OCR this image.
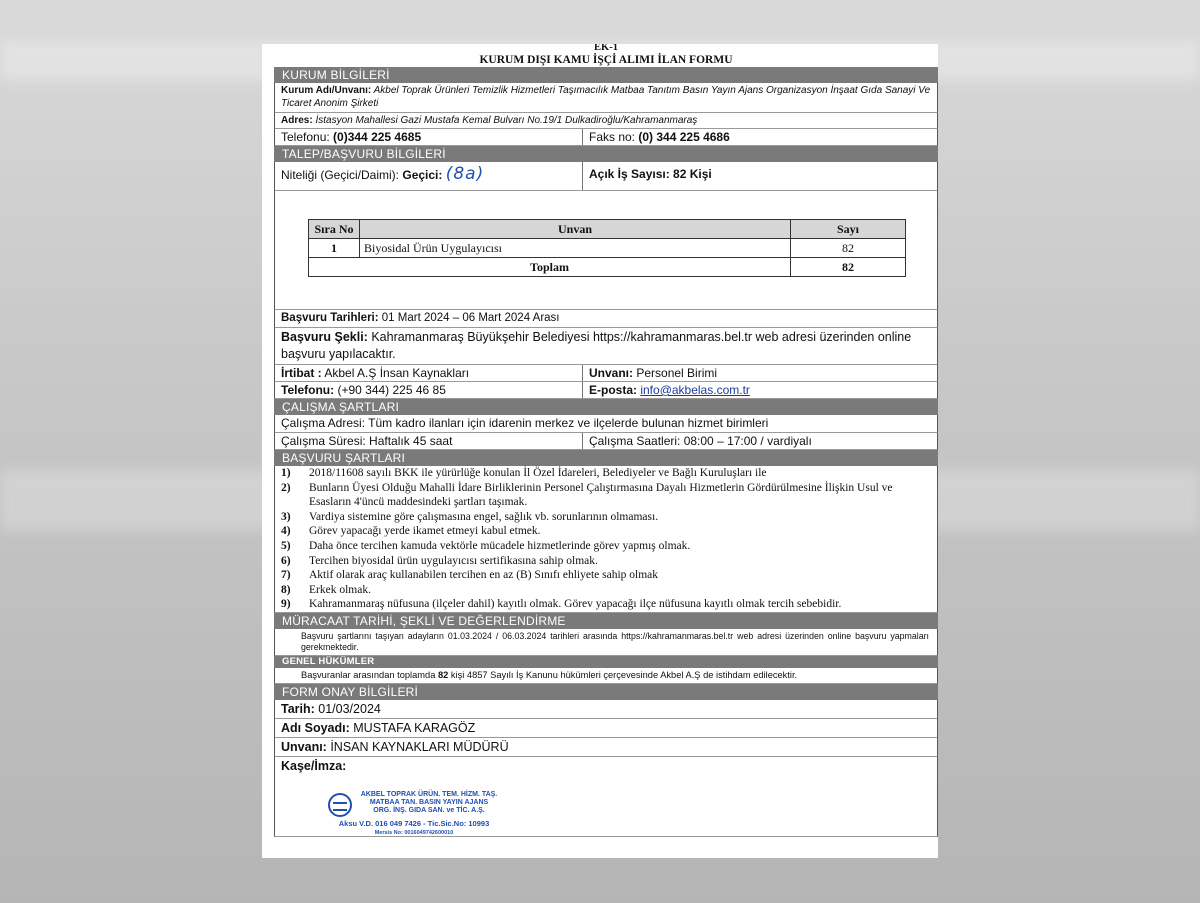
EK-1
KURUM DIŞI KAMU İŞÇİ ALIMI İLAN FORMU
KURUM BİLGİLERİ
Kurum Adı/Unvanı: Akbel Toprak Ürünleri Temizlik Hizmetleri Taşımacılık Matbaa Tanıtım Basın Yayın Ajans Organizasyon İnşaat Gıda Sanayi Ve Ticaret Anonim Şirketi
Adres: İstasyon Mahallesi Gazi Mustafa Kemal Bulvarı No.19/1 Dulkadiroğlu/Kahramanmaraş
Telefonu: (0)344 225 4685	Faks no: (0) 344 225 4686
TALEP/BAŞVURU BİLGİLERİ
Niteliği (Geçici/Daimi): Geçici: (8a)	Açık İş Sayısı: 82 Kişi
Sıra No	Unvan	Sayı
1	Biyosidal Ürün Uygulayıcısı	82
Toplam		82
Başvuru Tarihleri: 01 Mart 2024 – 06 Mart 2024 Arası
Başvuru Şekli: Kahramanmaraş Büyükşehir Belediyesi https://kahramanmaras.bel.tr web adresi üzerinden online başvuru yapılacaktır.
İrtibat : Akbel A.Ş İnsan Kaynakları	Unvanı: Personel Birimi
Telefonu: (+90 344) 225 46 85	E-posta: info@akbelas.com.tr
ÇALIŞMA ŞARTLARI
Çalışma Adresi: Tüm kadro ilanları için idarenin merkez ve ilçelerde bulunan hizmet birimleri
Çalışma Süresi: Haftalık 45 saat	Çalışma Saatleri: 08:00 – 17:00 / vardiyalı
BAŞVURU ŞARTLARI
1)	2018/11608 sayılı BKK ile yürürlüğe konulan İl Özel İdareleri, Belediyeler ve Bağlı Kuruluşları ile
2)	Bunların Üyesi Olduğu Mahalli İdare Birliklerinin Personel Çalıştırmasına Dayalı Hizmetlerin Gördürülmesine İlişkin Usul ve Esasların 4'üncü maddesindeki şartları taşımak.
3)	Vardiya sistemine göre çalışmasına engel, sağlık vb. sorunlarının olmaması.
4)	Görev yapacağı yerde ikamet etmeyi kabul etmek.
5)	Daha önce tercihen kamuda vektörle mücadele hizmetlerinde görev yapmış olmak.
6)	Tercihen biyosidal ürün uygulayıcısı sertifikasına sahip olmak.
7)	Aktif olarak araç kullanabilen tercihen en az (B) Sınıfı ehliyete sahip olmak
8)	Erkek olmak.
9)	Kahramanmaraş nüfusuna (ilçeler dahil) kayıtlı olmak. Görev yapacağı ilçe nüfusuna kayıtlı olmak tercih sebebidir.
MÜRACAAT TARİHİ, ŞEKLİ VE DEĞERLENDİRME
Başvuru şartlarını taşıyan adayların 01.03.2024 / 06.03.2024 tarihleri arasında https://kahramanmaras.bel.tr web adresi üzerinden online başvuru yapmaları gerekmektedir.
GENEL HÜKÜMLER
Başvuranlar arasından toplamda 82 kişi 4857 Sayılı İş Kanunu hükümleri çerçevesinde Akbel A.Ş de istihdam edilecektir.
FORM ONAY BİLGİLERİ
Tarih: 01/03/2024
Adı Soyadı: MUSTAFA KARAGÖZ
Unvanı: İNSAN KAYNAKLARI MÜDÜRÜ
Kaşe/İmza:
AKBEL TOPRAK ÜRÜN. TEM. HİZM. TAŞ.
MATBAA TAN. BASIN YAYIN AJANS
ORG. İNŞ. GIDA SAN. ve TİC. A.Ş.
Aksu V.D. 016 049 7426 - Tic.Sic.No: 10993
Mersis No: 0016049742600010
